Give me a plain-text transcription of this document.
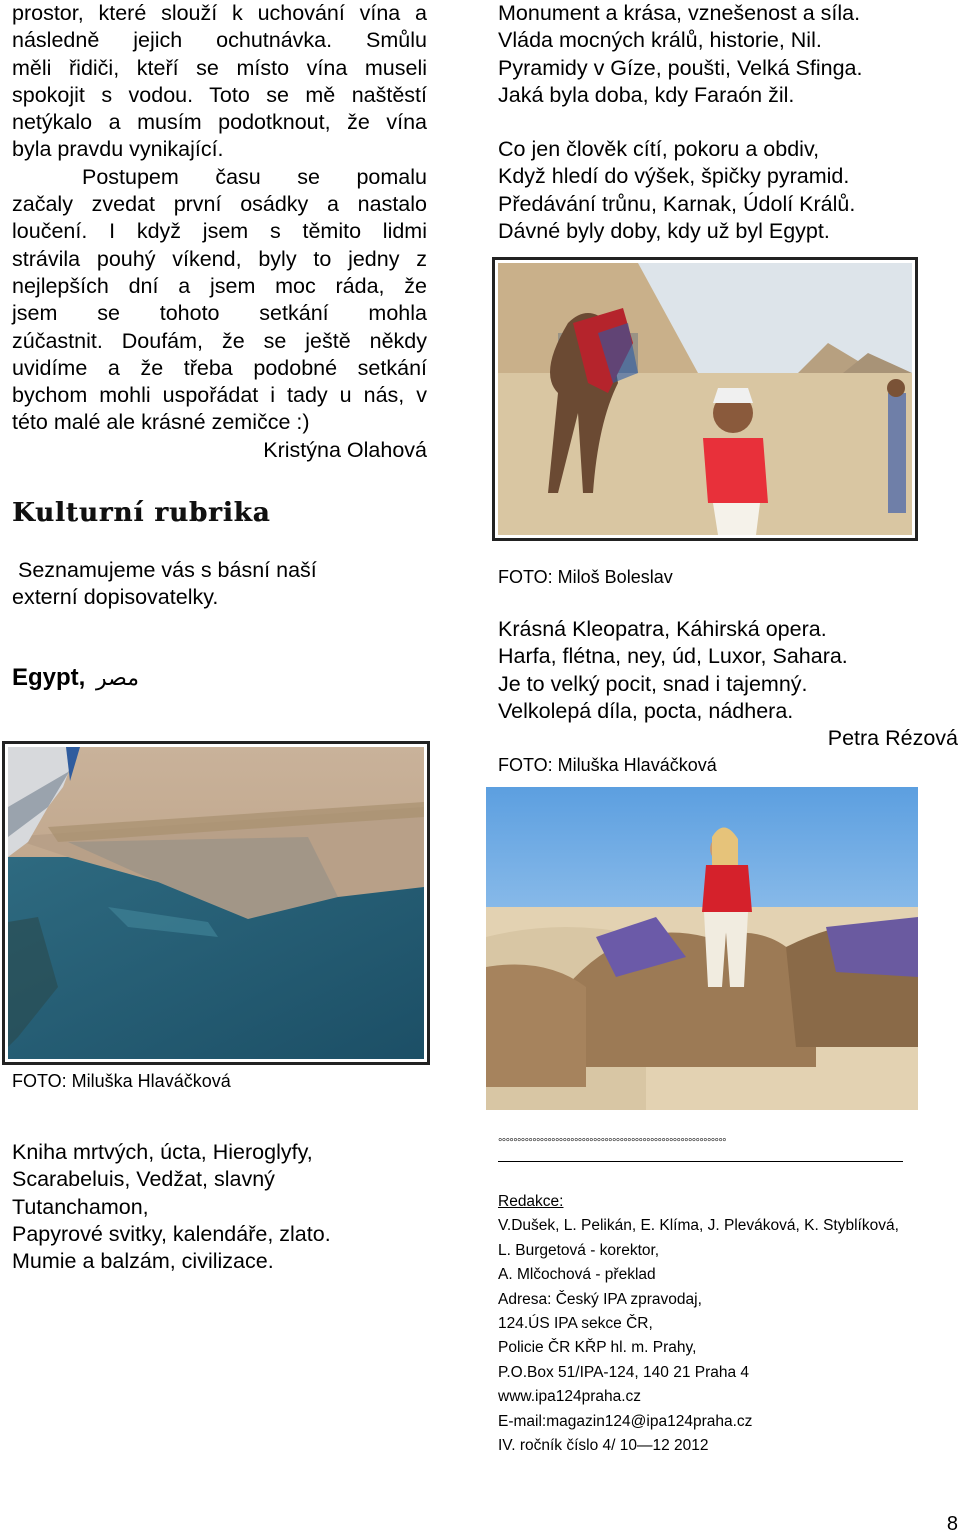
prostor, které slouží k uchování vína a
následně jejich ochutnávka. Smůlu
měli řidiči, kteří se místo vína museli
spokojit s vodou. Toto se mě naštěstí
netýkalo a musím podotknout, že vína
byla pravdu vynikající.
Postupem času se pomalu
začaly zvedat první osádky a nastalo
loučení. I když jsem s těmito lidmi
strávila pouhý víkend, byly to jedny z
nejlepších dní a jsem moc ráda, že
jsem se tohoto setkání mohla
zúčastnit. Doufám, že se ještě někdy
uvidíme a že třeba podobné setkání
bychom mohli uspořádat i tady u nás, v
této malé ale krásné zemičce :)
Kristýna Olahová
Kulturní rubrika
Seznamujeme vás s básní naší
externí dopisovatelky.
Egypt, مصر
FOTO: Miluška Hlaváčková
Kniha mrtvých, úcta, Hieroglyfy,
Scarabeluis, Vedžat, slavný
Tutanchamon,
Papyrové svitky, kalendáře, zlato.
Mumie a balzám, civilizace.
Monument a krása, vznešenost a síla.
Vláda mocných králů, historie, Nil.
Pyramidy v Gíze, poušti, Velká Sfinga.
Jaká byla doba, kdy Faraón žil.
Co jen člověk cítí, pokoru a obdiv,
Když hledí do výšek, špičky pyramid.
Předávání trůnu, Karnak, Údolí Králů.
Dávné byly doby, kdy už byl Egypt.
FOTO: Miloš Boleslav
Krásná Kleopatra, Káhirská opera.
Harfa, flétna, ney, úd, Luxor, Sahara.
Je to velký pocit, snad i tajemný.
Velkolepá díla, pocta, nádhera.
Petra Rézová
FOTO: Miluška Hlaváčková
°°°°°°°°°°°°°°°°°°°°°°°°°°°°°°°°°°°°°°°°°°°°°°°°°°°°°°°°°°°°
Redakce:
V.Dušek, L. Pelikán, E. Klíma, J. Pleváková, K. Styblíková,
L. Burgetová - korektor,
A. Mlčochová - překlad
Adresa: Český IPA zpravodaj,
124.ÚS IPA sekce ČR,
Policie ČR KŘP hl. m. Prahy,
P.O.Box 51/IPA-124, 140 21 Praha 4
www.ipa124praha.cz
E-mail:magazin124@ipa124praha.cz
IV. ročník číslo 4/ 10—12 2012
8
